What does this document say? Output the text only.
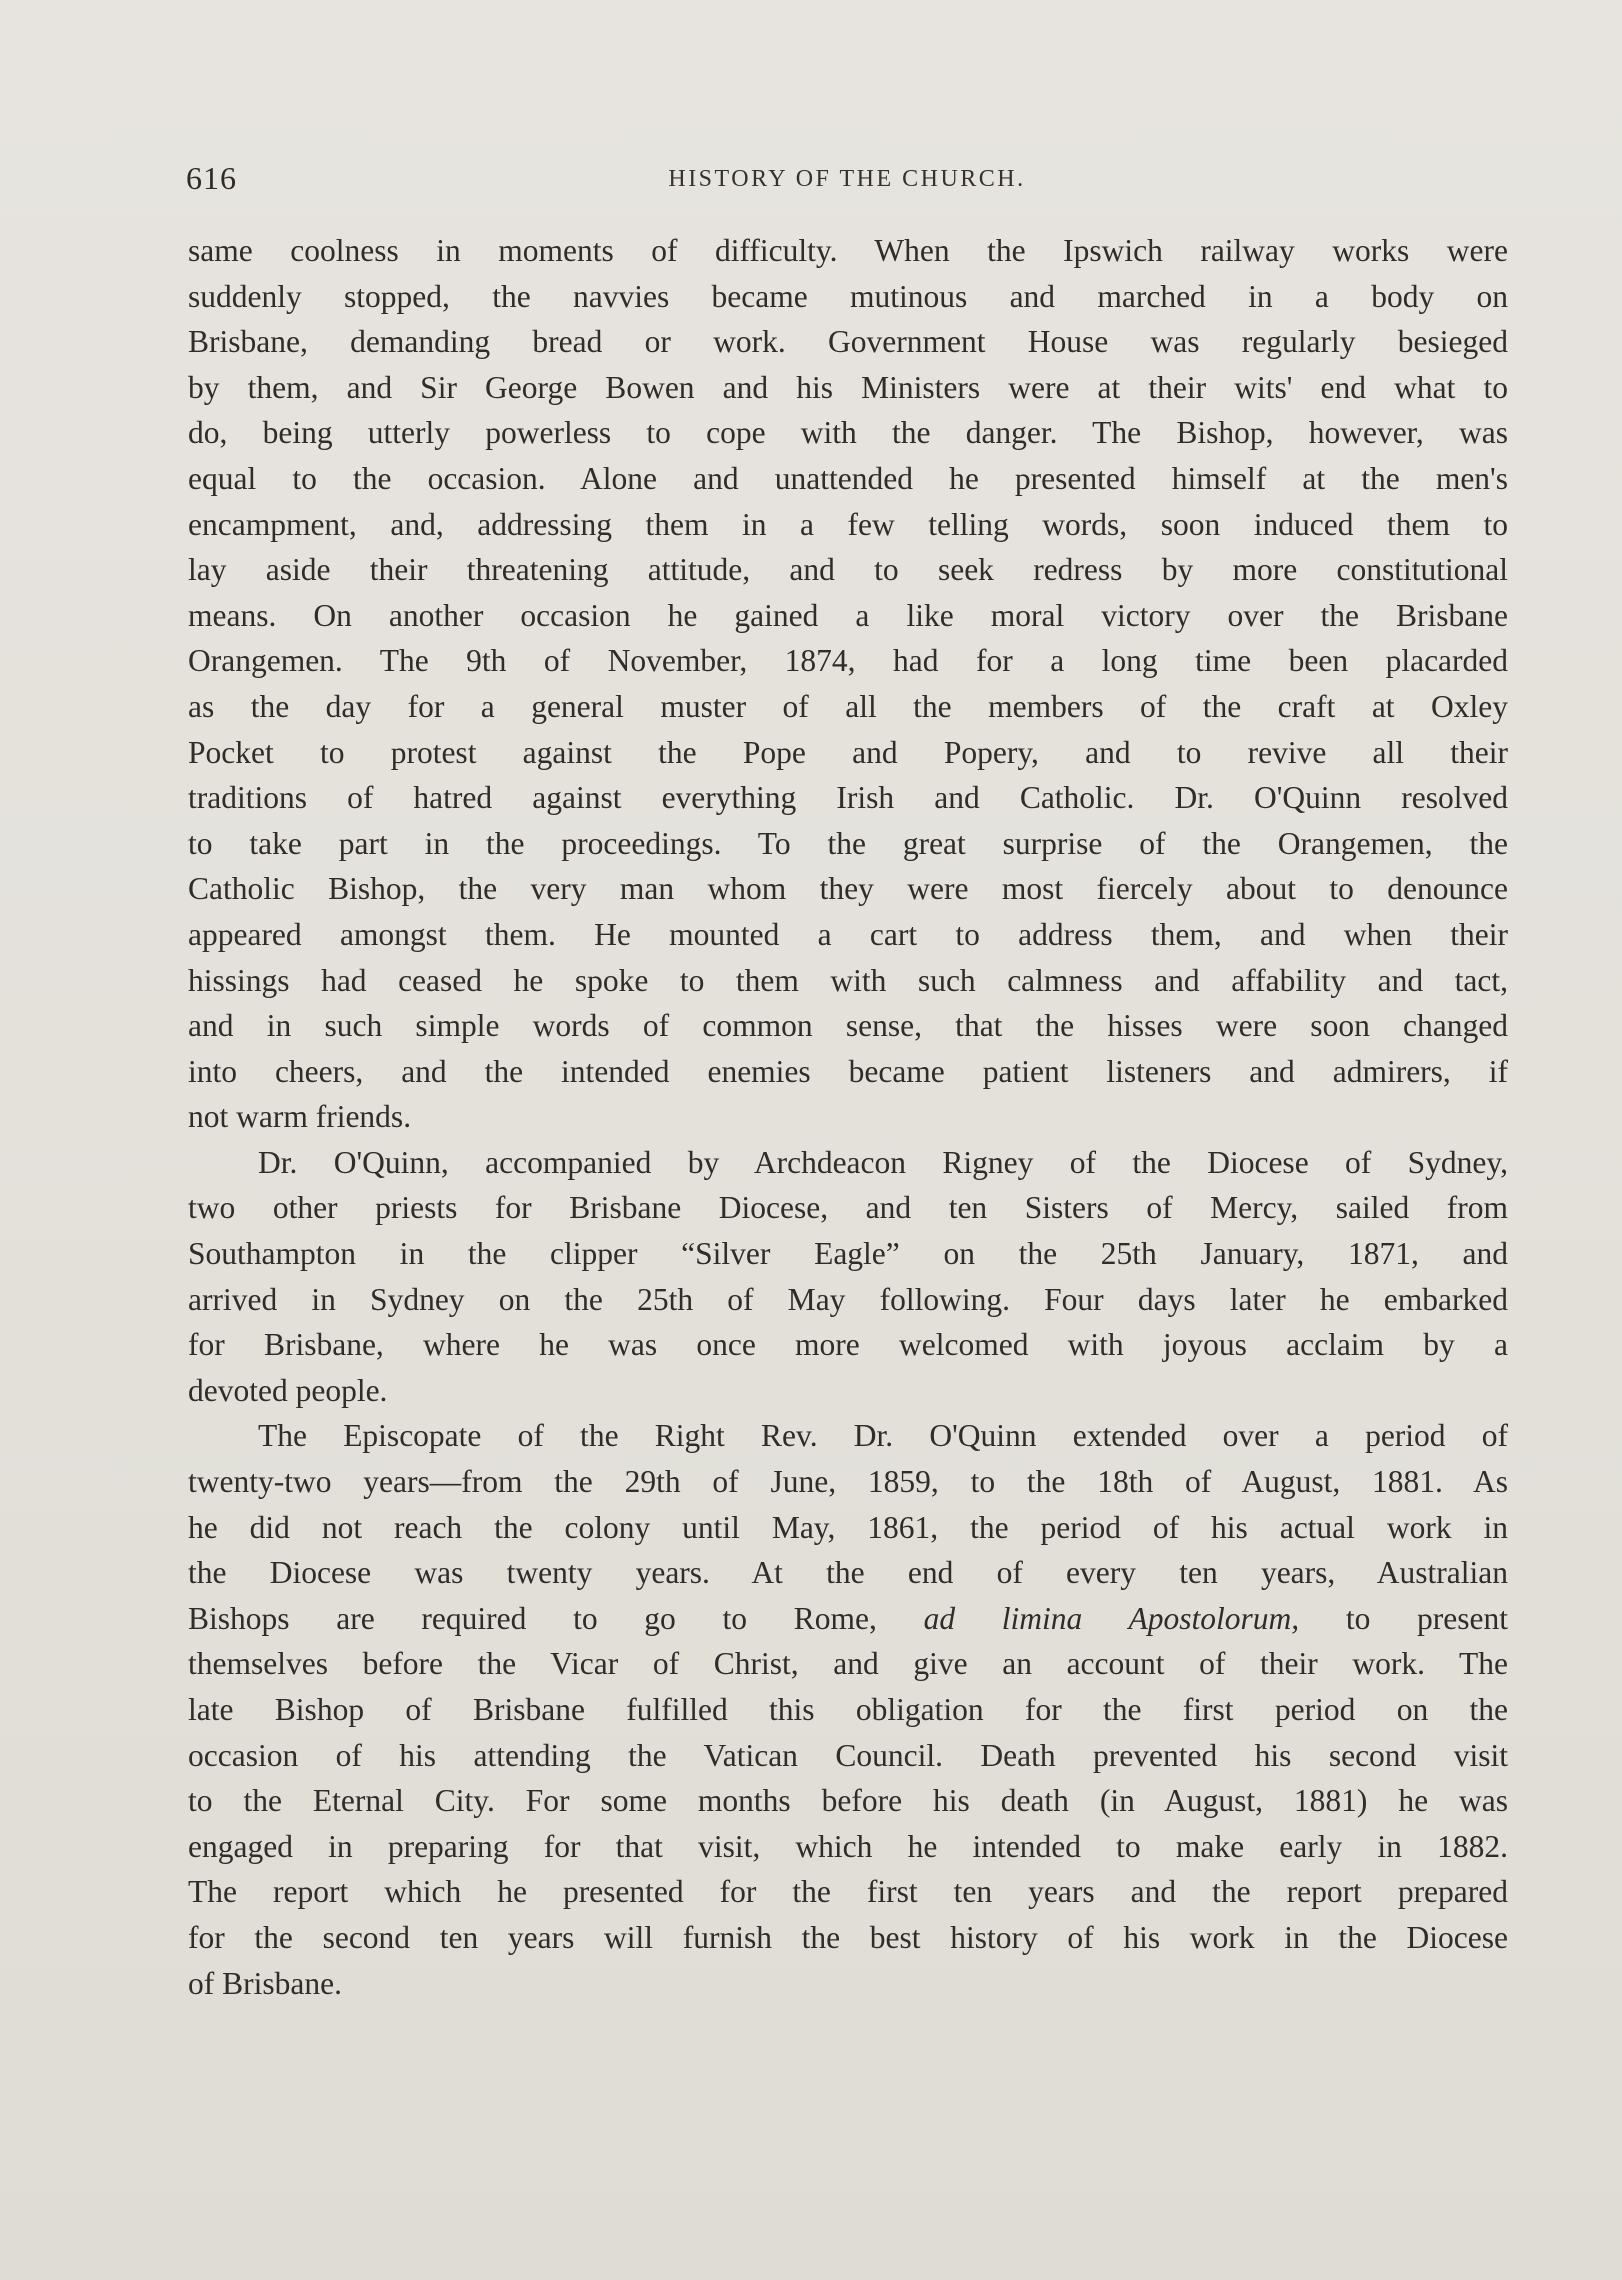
616	HISTORY OF THE CHURCH.

same coolness in moments of difficulty. When the Ipswich railway works were
suddenly stopped, the navvies became mutinous and marched in a body on
Brisbane, demanding bread or work. Government House was regularly besieged
by them, and Sir George Bowen and his Ministers were at their wits' end what to
do, being utterly powerless to cope with the danger. The Bishop, however, was
equal to the occasion. Alone and unattended he presented himself at the men's
encampment, and, addressing them in a few telling words, soon induced them to
lay aside their threatening attitude, and to seek redress by more constitutional
means. On another occasion he gained a like moral victory over the Brisbane
Orangemen. The 9th of November, 1874, had for a long time been placarded
as the day for a general muster of all the members of the craft at Oxley
Pocket to protest against the Pope and Popery, and to revive all their
traditions of hatred against everything Irish and Catholic. Dr. O'Quinn resolved
to take part in the proceedings. To the great surprise of the Orangemen, the
Catholic Bishop, the very man whom they were most fiercely about to denounce
appeared amongst them. He mounted a cart to address them, and when their
hissings had ceased he spoke to them with such calmness and affability and tact,
and in such simple words of common sense, that the hisses were soon changed
into cheers, and the intended enemies became patient listeners and admirers, if
not warm friends.

Dr. O'Quinn, accompanied by Archdeacon Rigney of the Diocese of Sydney,
two other priests for Brisbane Diocese, and ten Sisters of Mercy, sailed from
Southampton in the clipper “Silver Eagle” on the 25th January, 1871, and
arrived in Sydney on the 25th of May following. Four days later he embarked
for Brisbane, where he was once more welcomed with joyous acclaim by a
devoted people.

The Episcopate of the Right Rev. Dr. O'Quinn extended over a period of
twenty-two years—from the 29th of June, 1859, to the 18th of August, 1881. As
he did not reach the colony until May, 1861, the period of his actual work in
the Diocese was twenty years. At the end of every ten years, Australian
Bishops are required to go to Rome, ad limina Apostolorum, to present
themselves before the Vicar of Christ, and give an account of their work. The
late Bishop of Brisbane fulfilled this obligation for the first period on the
occasion of his attending the Vatican Council. Death prevented his second visit
to the Eternal City. For some months before his death (in August, 1881) he was
engaged in preparing for that visit, which he intended to make early in 1882.
The report which he presented for the first ten years and the report prepared
for the second ten years will furnish the best history of his work in the Diocese
of Brisbane.
